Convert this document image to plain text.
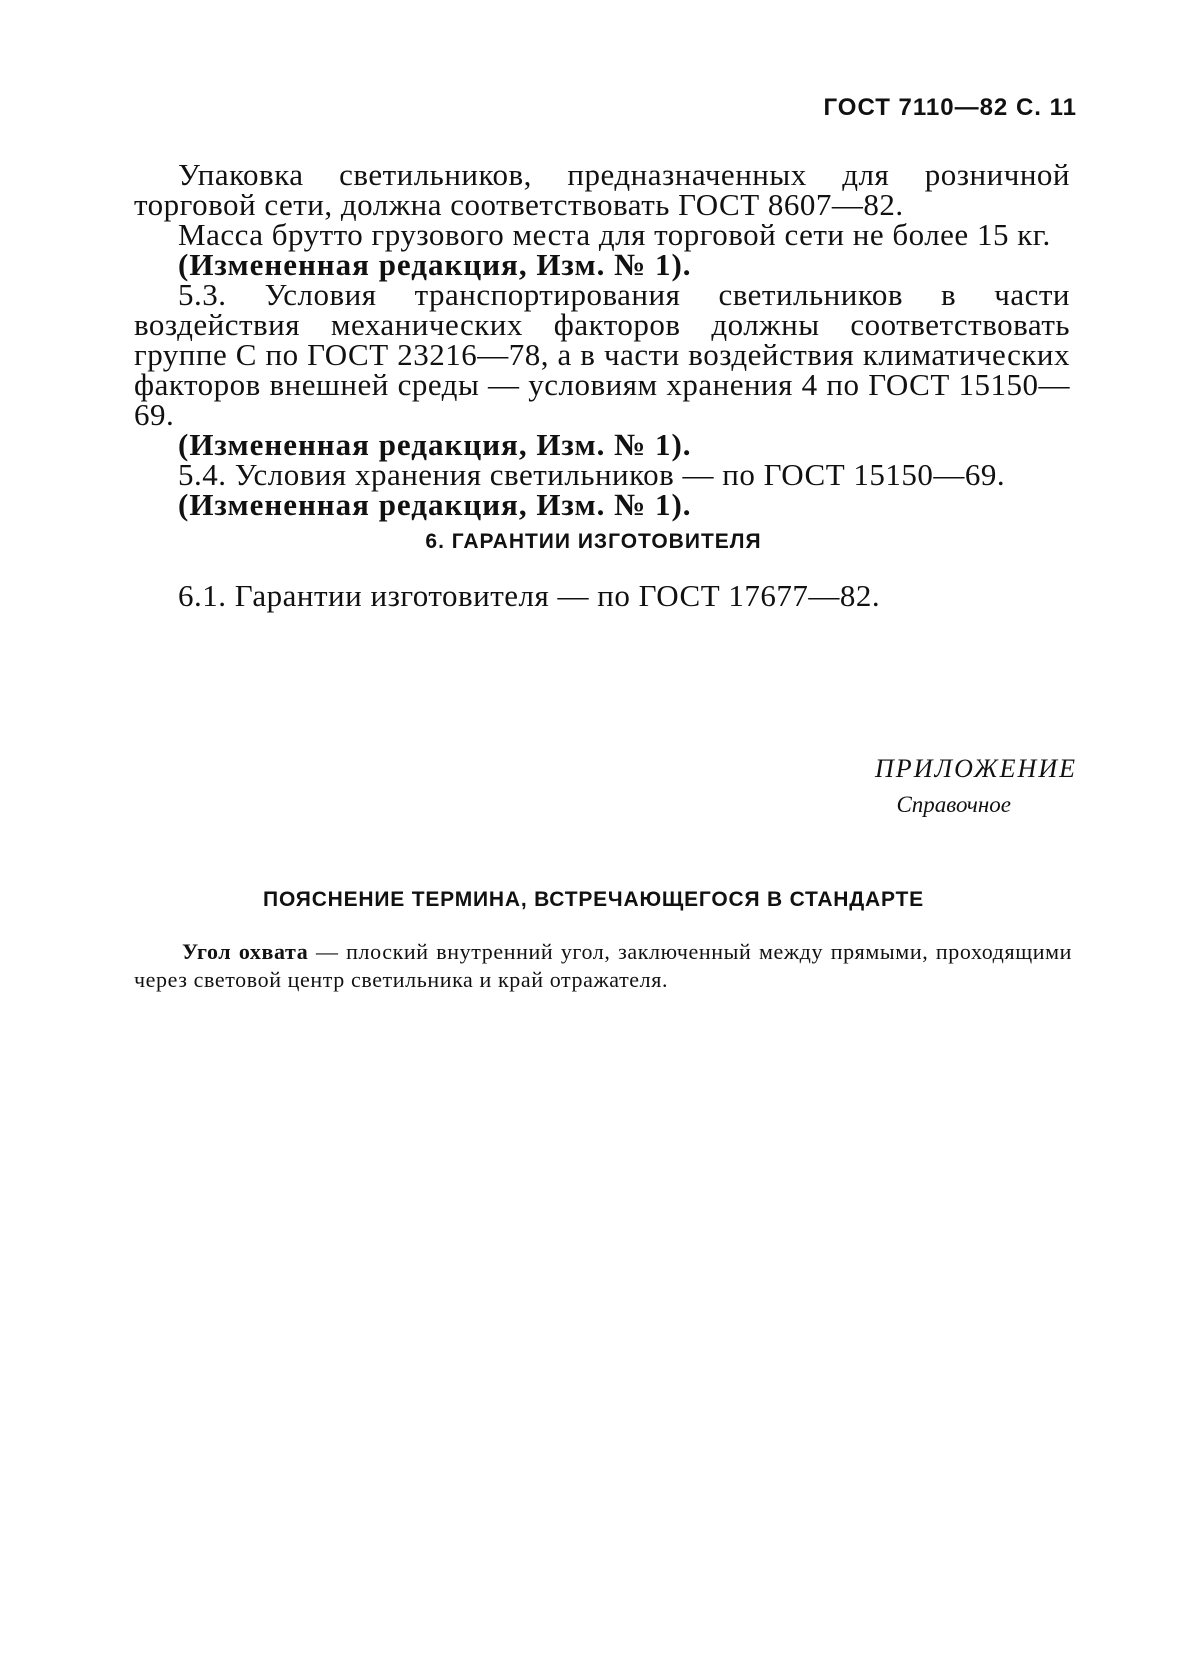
ГОСТ 7110—82 С. 11

Упаковка светильников, предназначенных для розничной торговой сети, должна соответствовать ГОСТ 8607—82.

Масса брутто грузового места для торговой сети не более 15 кг.

(Измененная редакция, Изм. № 1).

5.3. Условия транспортирования светильников в части воздействия механических факторов должны соответствовать группе С по ГОСТ 23216—78, а в части воздействия климатических факторов внешней среды — условиям хранения 4 по ГОСТ 15150—69.

(Измененная редакция, Изм. № 1).

5.4. Условия хранения светильников — по ГОСТ 15150—69.

(Измененная редакция, Изм. № 1).

6. ГАРАНТИИ ИЗГОТОВИТЕЛЯ
6.1. Гарантии изготовителя — по ГОСТ 17677—82.
ПРИЛОЖЕНИЕ
Справочное
ПОЯСНЕНИЕ ТЕРМИНА, ВСТРЕЧАЮЩЕГОСЯ В СТАНДАРТЕ
Угол охвата — плоский внутренний угол, заключенный между прямыми, проходящими через световой центр светильника и край отражателя.
